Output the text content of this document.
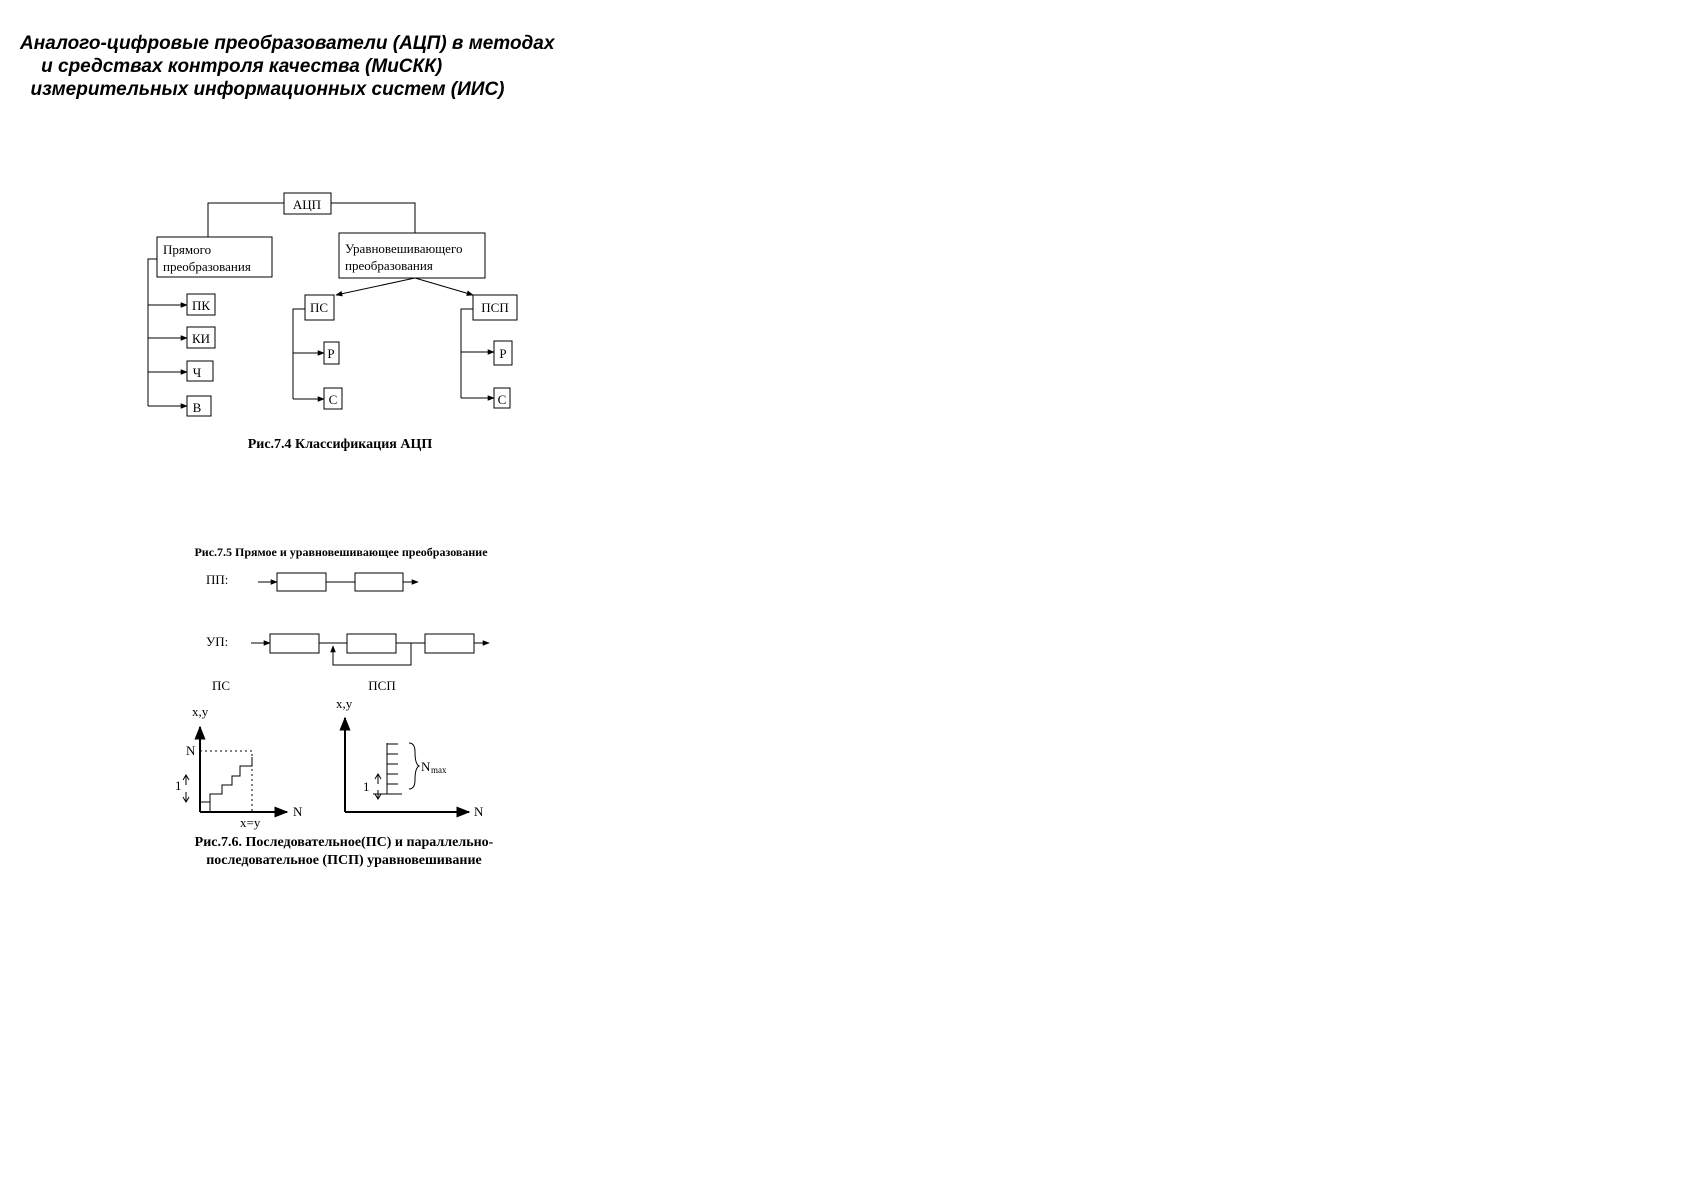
Аналого-цифровые преобразователи (АЦП) в методах
и средствах контроля качества (МиСКК)
измерительных информационных систем (ИИС)
АЦП
Прямого
преобразования
ПК
КИ
Ч
В
Уравновешивающего
преобразования
ПС
Р
С
ПСП
Р
С
Рис.7.4 Классификация АЦП
Рис.7.5 Прямое и уравновешивающее преобразование
ПП:
УП:
ПС	ПСП
x,y
N
N
1
x=y
x,y
N
1
N max
Рис.7.6. Последовательное(ПС) и параллельно-
последовательное (ПСП) уравновешивание
